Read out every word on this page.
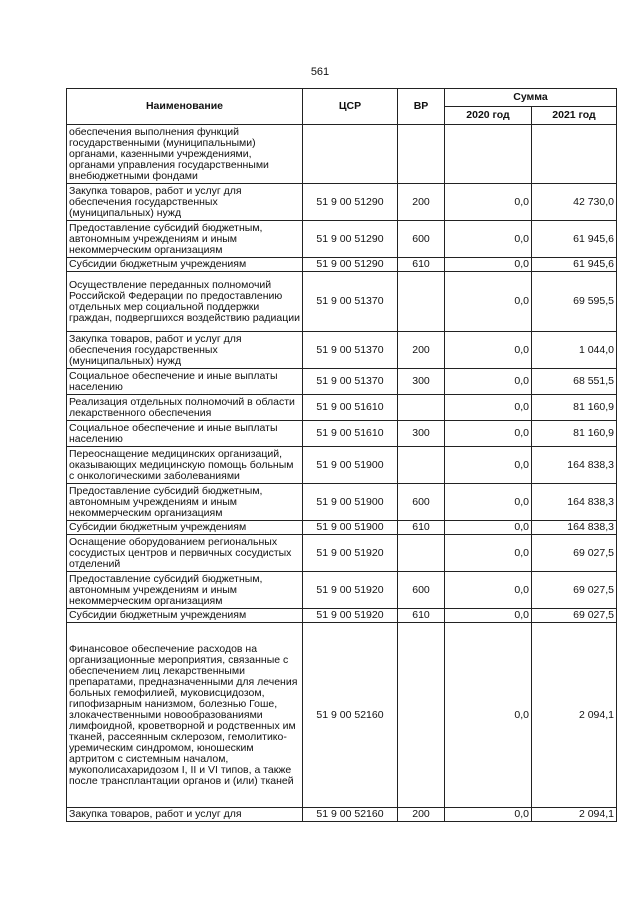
561
Наименование	ЦСР	ВР	Сумма	
			2020 год	2021 год
обеспечения выполнения функций государственными (муниципальными) органами, казенными учреждениями, органами управления государственными внебюджетными фондами				
Закупка товаров, работ и услуг для обеспечения государственных (муниципальных) нужд	51 9 00 51290	200	0,0	42 730,0
Предоставление субсидий бюджетным, автономным учреждениям и иным некоммерческим организациям	51 9 00 51290	600	0,0	61 945,6
Субсидии бюджетным учреждениям	51 9 00 51290	610	0,0	61 945,6
Осуществление переданных полномочий Российской Федерации по предоставлению отдельных мер социальной поддержки граждан, подвергшихся воздействию радиации	51 9 00 51370		0,0	69 595,5
Закупка товаров, работ и услуг для обеспечения государственных (муниципальных) нужд	51 9 00 51370	200	0,0	1 044,0
Социальное обеспечение и иные выплаты населению	51 9 00 51370	300	0,0	68 551,5
Реализация отдельных полномочий в области лекарственного обеспечения	51 9 00 51610		0,0	81 160,9
Социальное обеспечение и иные выплаты населению	51 9 00 51610	300	0,0	81 160,9
Переоснащение медицинских организаций, оказывающих медицинскую помощь больным с онкологическими заболеваниями	51 9 00 51900		0,0	164 838,3
Предоставление субсидий бюджетным, автономным учреждениям и иным некоммерческим организациям	51 9 00 51900	600	0,0	164 838,3
Субсидии бюджетным учреждениям	51 9 00 51900	610	0,0	164 838,3
Оснащение оборудованием региональных сосудистых центров и первичных сосудистых отделений	51 9 00 51920		0,0	69 027,5
Предоставление субсидий бюджетным, автономным учреждениям и иным некоммерческим организациям	51 9 00 51920	600	0,0	69 027,5
Субсидии бюджетным учреждениям	51 9 00 51920	610	0,0	69 027,5
Финансовое обеспечение расходов на организационные мероприятия, связанные с обеспечением лиц лекарственными препаратами, предназначенными для лечения больных гемофилией, муковисцидозом, гипофизарным нанизмом, болезнью Гоше, злокачественными новообразованиями лимфоидной, кроветворной и родственных им тканей, рассеянным склерозом, гемолитико-уремическим синдромом, юношеским артритом с системным началом, мукополисахаридозом I, II и VI типов, а также после трансплантации органов и (или) тканей	51 9 00 52160		0,0	2 094,1
Закупка товаров, работ и услуг для	51 9 00 52160	200	0,0	2 094,1
